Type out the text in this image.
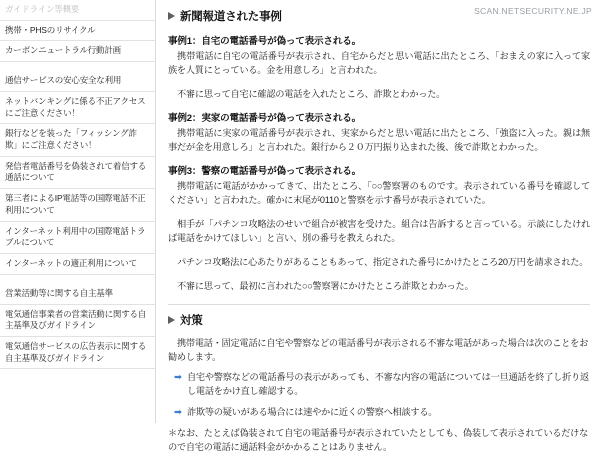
ガイドライン等概要
携帯・PHSのリサイクル
カーボンニュートラル行動計画
通信サービスの安心安全な利用
ネットバンキングに係る不正アクセスにご注意ください！
銀行などを装った「フィッシング詐欺」にご注意ください！
発信者電話番号を偽装されて着信する通話について
第三者によるIP電話等の国際電話不正利用について
インターネット利用中の国際電話トラブルについて
インターネットの適正利用について
営業活動等に関する自主基準
電気通信事業者の営業活動に関する自主基準及びガイドライン
電気通信サービスの広告表示に関する自主基準及びガイドライン
SCAN.NETSECURITY.NE.JP
新聞報道された事例
事例1：自宅の電話番号が偽って表示される。

携帯電話に自宅の電話番号が表示され、自宅からだと思い電話に出たところ、「おまえの家に入って家族を人質にとっている。金を用意しろ」と言われた。

不審に思って自宅に確認の電話を入れたところ、詐欺とわかった。

事例2：実家の電話番号が偽って表示される。

携帯電話に実家の電話番号が表示され、実家からだと思い電話に出たところ、「強盗に入った。親は無事だが金を用意しろ」と言われた。銀行から２０万円振り込まれた後、後で詐欺とわかった。

事例3：警察の電話番号が偽って表示される。

携帯電話に電話がかかってきて、出たところ、「○○警察署のものです。表示されている番号を確認してください」と言われた。確かに末尾が0110と警察を示す番号が表示されていた。

相手が「パチンコ攻略法のせいで組合が被害を受けた。組合は告訴すると言っている。示談にしたければ電話をかけてほしい」と言い、別の番号を教えられた。

パチンコ攻略法に心あたりがあることもあって、指定された番号にかけたところ20万円を請求された。

不審に思って、最初に言われた○○警察署にかけたところ詐欺とわかった。

対策

携帯電話・固定電話に自宅や警察などの電話番号が表示される不審な電話があった場合は次のことをお勧めします。

➡ 自宅や警察などの電話番号の表示があっても、不審な内容の電話については一旦通話を終了し折り返し電話をかけ直し確認する。
➡ 詐欺等の疑いがある場合には速やかに近くの警察へ相談する。

＊なお、たとえば偽装されて自宅の電話番号が表示されていたとしても、偽装して表示されているだけなので自宅の電話に通話料金がかかることはありません。
